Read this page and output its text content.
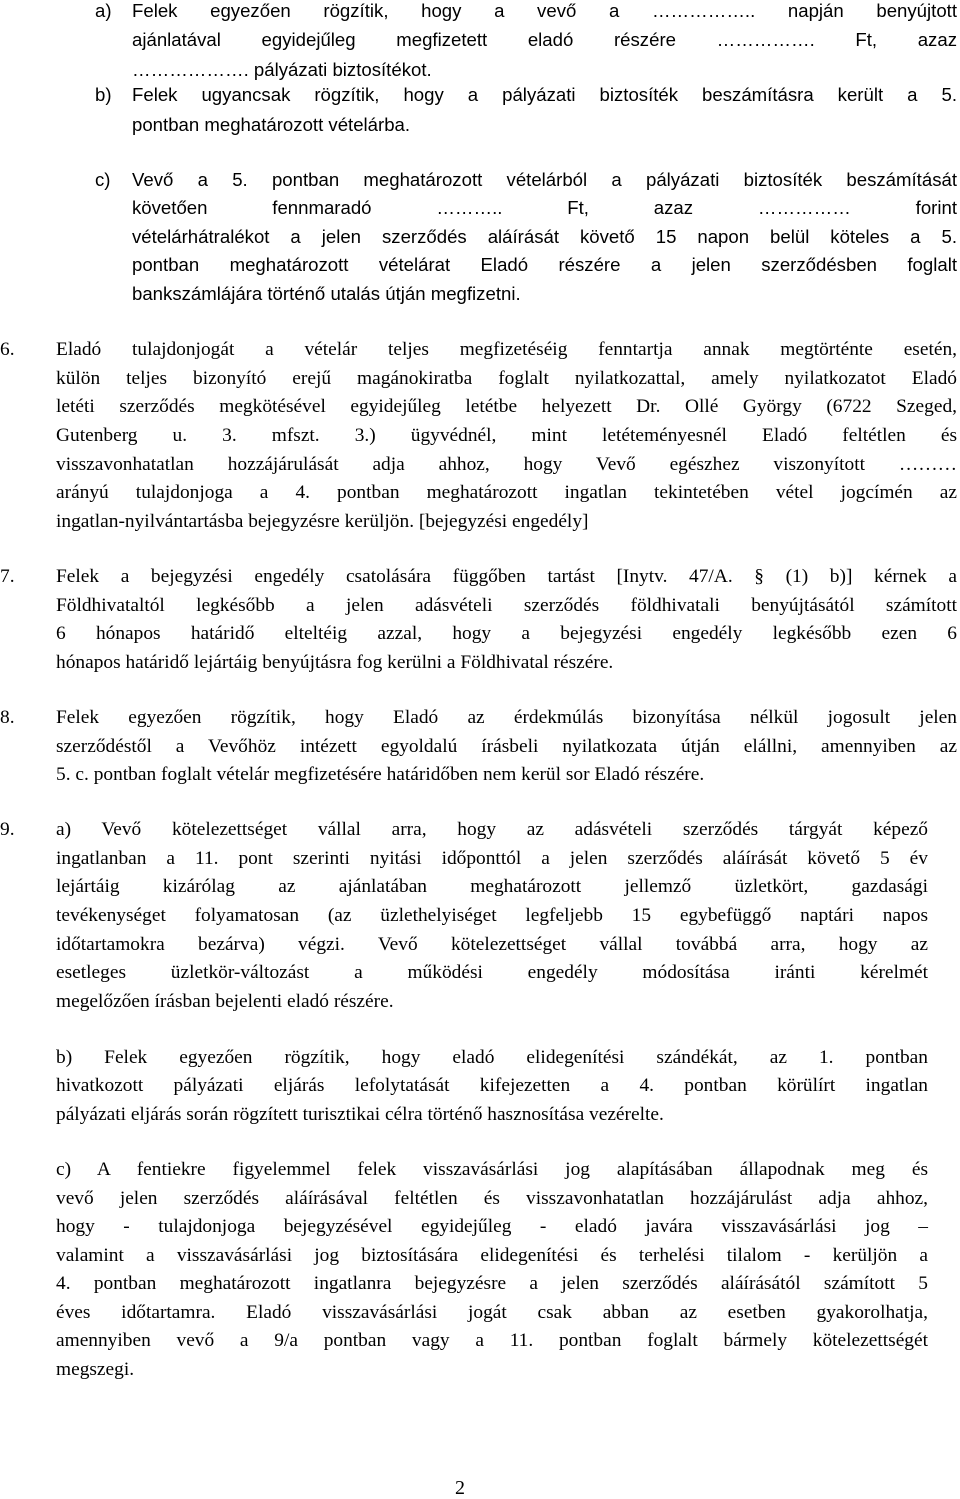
a) Felek egyezően rögzítik, hogy a vevő a …………….. napján benyújtott

ajánlatával egyidejűleg megfizetett eladó részére ……………. Ft, azaz

………………. pályázati biztosítékot.

b) Felek ugyancsak rögzítik, hogy a pályázati biztosíték beszámításra került a 5.

pontban meghatározott vételárba.

c) Vevő a 5. pontban meghatározott vételárból a pályázati biztosíték beszámítását

követően fennmaradó ……….. Ft, azaz …………… forint

vételárhátralékot a jelen szerződés aláírását követő 15 napon belül köteles a 5.

pontban meghatározott vételárat Eladó részére a jelen szerződésben foglalt

bankszámlájára történő utalás útján megfizetni.

6. Eladó tulajdonjogát a vételár teljes megfizetéséig fenntartja annak megtörténte esetén,

külön teljes bizonyító erejű magánokiratba foglalt nyilatkozattal, amely nyilatkozatot Eladó

letéti szerződés megkötésével egyidejűleg letétbe helyezett Dr. Ollé György (6722 Szeged,

Gutenberg u. 3. mfszt. 3.) ügyvédnél, mint letéteményesnél Eladó feltétlen és

visszavonhatatlan hozzájárulását adja ahhoz, hogy Vevő egészhez viszonyított ………

arányú tulajdonjoga a 4. pontban meghatározott ingatlan tekintetében vétel jogcímén az

ingatlan-nyilvántartásba bejegyzésre kerüljön. [bejegyzési engedély]

7. Felek a bejegyzési engedély csatolására függőben tartást [Inytv. 47/A. § (1) b)] kérnek a

Földhivataltól legkésőbb a jelen adásvételi szerződés földhivatali benyújtásától számított

6 hónapos határidő elteltéig azzal, hogy a bejegyzési engedély legkésőbb ezen 6

hónapos határidő lejártáig benyújtásra fog kerülni a Földhivatal részére.

8. Felek egyezően rögzítik, hogy Eladó az érdekmúlás bizonyítása nélkül jogosult jelen

szerződéstől a Vevőhöz intézett egyoldalú írásbeli nyilatkozata útján elállni, amennyiben az

5. c. pontban foglalt vételár megfizetésére határidőben nem kerül sor Eladó részére.

9. a) Vevő kötelezettséget vállal arra, hogy az adásvételi szerződés tárgyát képező

ingatlanban a 11. pont szerinti nyitási időponttól a jelen szerződés aláírását követő 5 év

lejártáig kizárólag az ajánlatában meghatározott jellemző üzletkört, gazdasági

tevékenységet folyamatosan (az üzlethelyiséget legfeljebb 15 egybefüggő naptári napos

időtartamokra bezárva) végzi. Vevő kötelezettséget vállal továbbá arra, hogy az

esetleges üzletkör-változást a működési engedély módosítása iránti kérelmét

megelőzően írásban bejelenti eladó részére.

b) Felek egyezően rögzítik, hogy eladó elidegenítési szándékát, az 1. pontban

hivatkozott pályázati eljárás lefolytatását kifejezetten a 4. pontban körülírt ingatlan

pályázati eljárás során rögzített turisztikai célra történő hasznosítása vezérelte.

c) A fentiekre figyelemmel felek visszavásárlási jog alapításában állapodnak meg és

vevő jelen szerződés aláírásával feltétlen és visszavonhatatlan hozzájárulást adja ahhoz,

hogy - tulajdonjoga bejegyzésével egyidejűleg - eladó javára visszavásárlási jog –

valamint a visszavásárlási jog biztosítására elidegenítési és terhelési tilalom - kerüljön a

4. pontban meghatározott ingatlanra bejegyzésre a jelen szerződés aláírásától számított 5

éves időtartamra. Eladó visszavásárlási jogát csak abban az esetben gyakorolhatja,

amennyiben vevő a 9/a pontban vagy a 11. pontban foglalt bármely kötelezettségét

megszegi.

2
